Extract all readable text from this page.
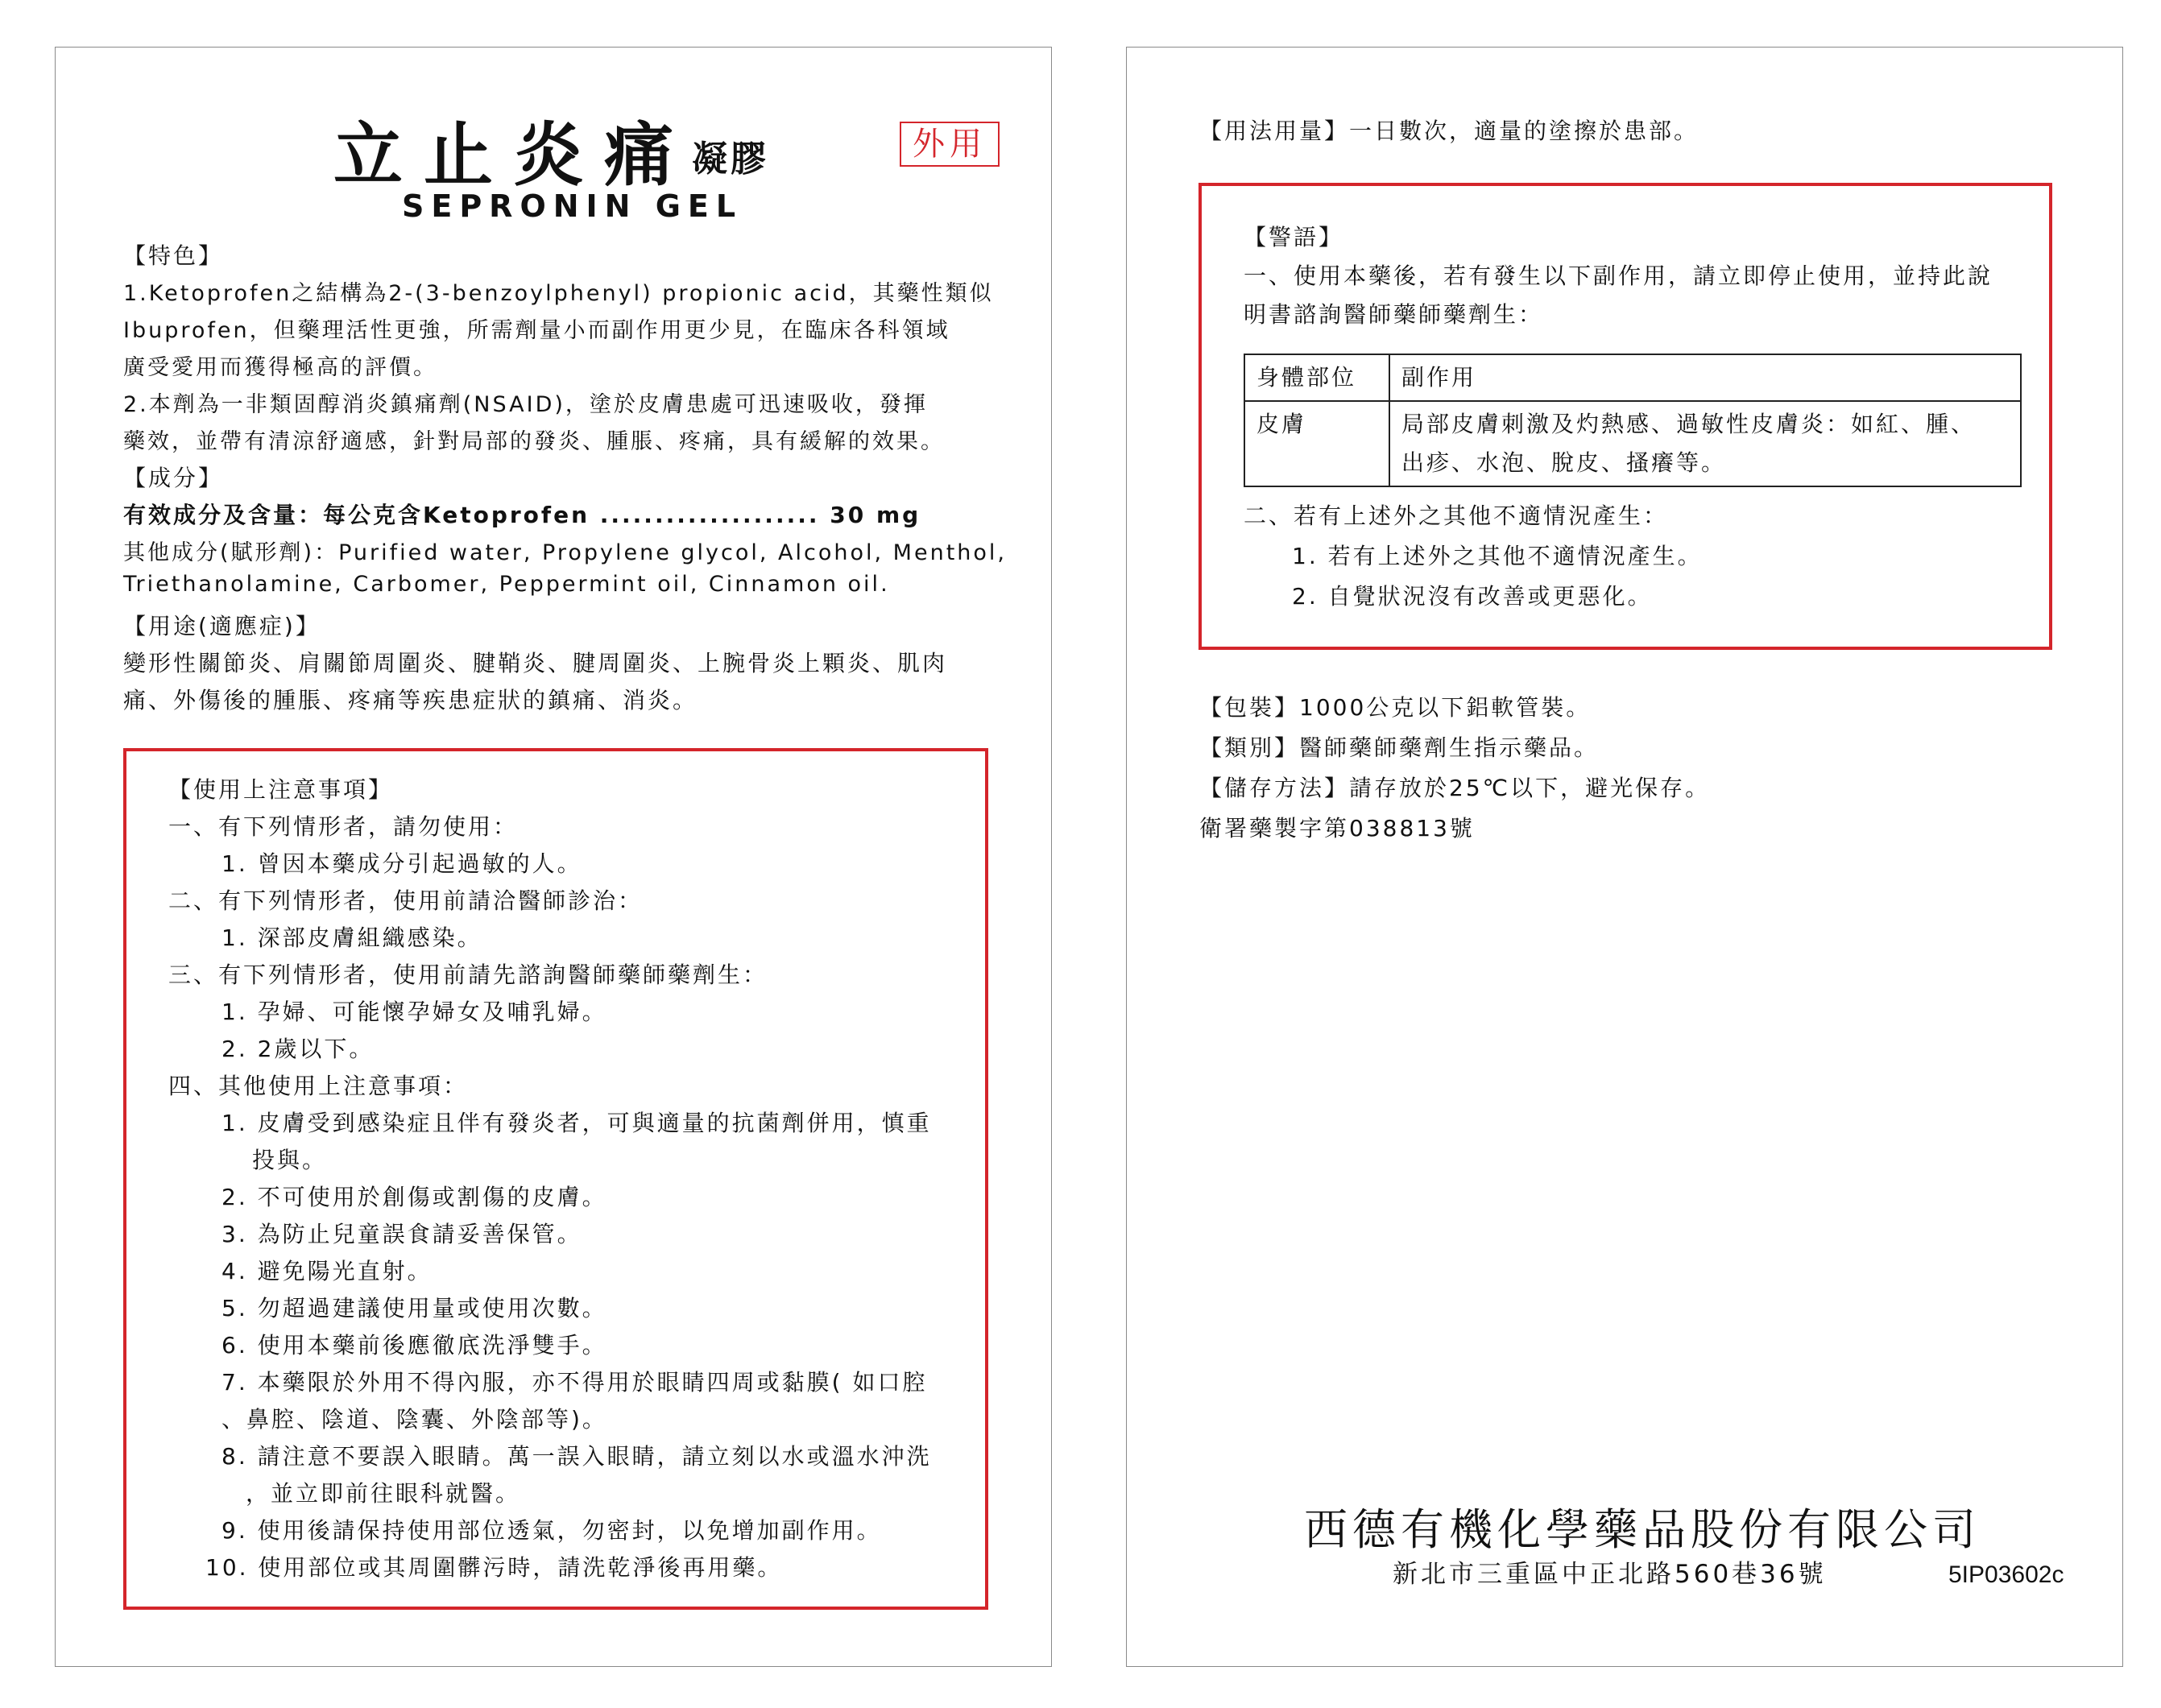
立止炎痛
凝膠	外用
SEPRONIN GEL
【特色】
1.Ketoprofen之結構為2-(3-benzoylphenyl) propionic acid，其藥性類似
Ibuprofen，但藥理活性更強，所需劑量小而副作用更少見，在臨床各科領域
廣受愛用而獲得極高的評價。
2.本劑為一非類固醇消炎鎮痛劑(NSAID)，塗於皮膚患處可迅速吸收，發揮
藥效，並帶有清涼舒適感，針對局部的發炎、腫脹、疼痛，具有緩解的效果。
【成分】
有效成分及含量：每公克含Ketoprofen .................... 30 mg
其他成分(賦形劑)：Purified water, Propylene glycol, Alcohol, Menthol,
Triethanolamine, Carbomer, Peppermint oil, Cinnamon oil.
【用途(適應症)】
變形性關節炎、肩關節周圍炎、腱鞘炎、腱周圍炎、上腕骨炎上顆炎、肌肉
痛、外傷後的腫脹、疼痛等疾患症狀的鎮痛、消炎。
【使用上注意事項】
一、有下列情形者，請勿使用：
1. 曾因本藥成分引起過敏的人。
二、有下列情形者，使用前請洽醫師診治：
1. 深部皮膚組織感染。
三、有下列情形者，使用前請先諮詢醫師藥師藥劑生：
1. 孕婦、可能懷孕婦女及哺乳婦。
2. 2歲以下。
四、其他使用上注意事項：
1. 皮膚受到感染症且伴有發炎者，可與適量的抗菌劑併用，慎重
投與。
2. 不可使用於創傷或割傷的皮膚。
3. 為防止兒童誤食請妥善保管。
4. 避免陽光直射。
5. 勿超過建議使用量或使用次數。
6. 使用本藥前後應徹底洗淨雙手。
7. 本藥限於外用不得內服，亦不得用於眼睛四周或黏膜( 如口腔
、鼻腔、陰道、陰囊、外陰部等)。
8. 請注意不要誤入眼睛。萬一誤入眼睛，請立刻以水或溫水沖洗
，並立即前往眼科就醫。
9. 使用後請保持使用部位透氣，勿密封，以免增加副作用。
10. 使用部位或其周圍髒污時，請洗乾淨後再用藥。
【用法用量】一日數次，適量的塗擦於患部。
【警語】
一、使用本藥後，若有發生以下副作用，請立即停止使用，並持此說
明書諮詢醫師藥師藥劑生：
身體部位	副作用
皮膚	局部皮膚刺激及灼熱感、過敏性皮膚炎：如紅、腫、
出疹、水泡、脫皮、搔癢等。
二、若有上述外之其他不適情況產生：
1. 若有上述外之其他不適情況產生。
2. 自覺狀況沒有改善或更惡化。
【包裝】1000公克以下鋁軟管裝。
【類別】醫師藥師藥劑生指示藥品。
【儲存方法】請存放於25℃以下，避光保存。
衛署藥製字第038813號
西德有機化學藥品股份有限公司
新北市三重區中正北路560巷36號	5IP03602c
